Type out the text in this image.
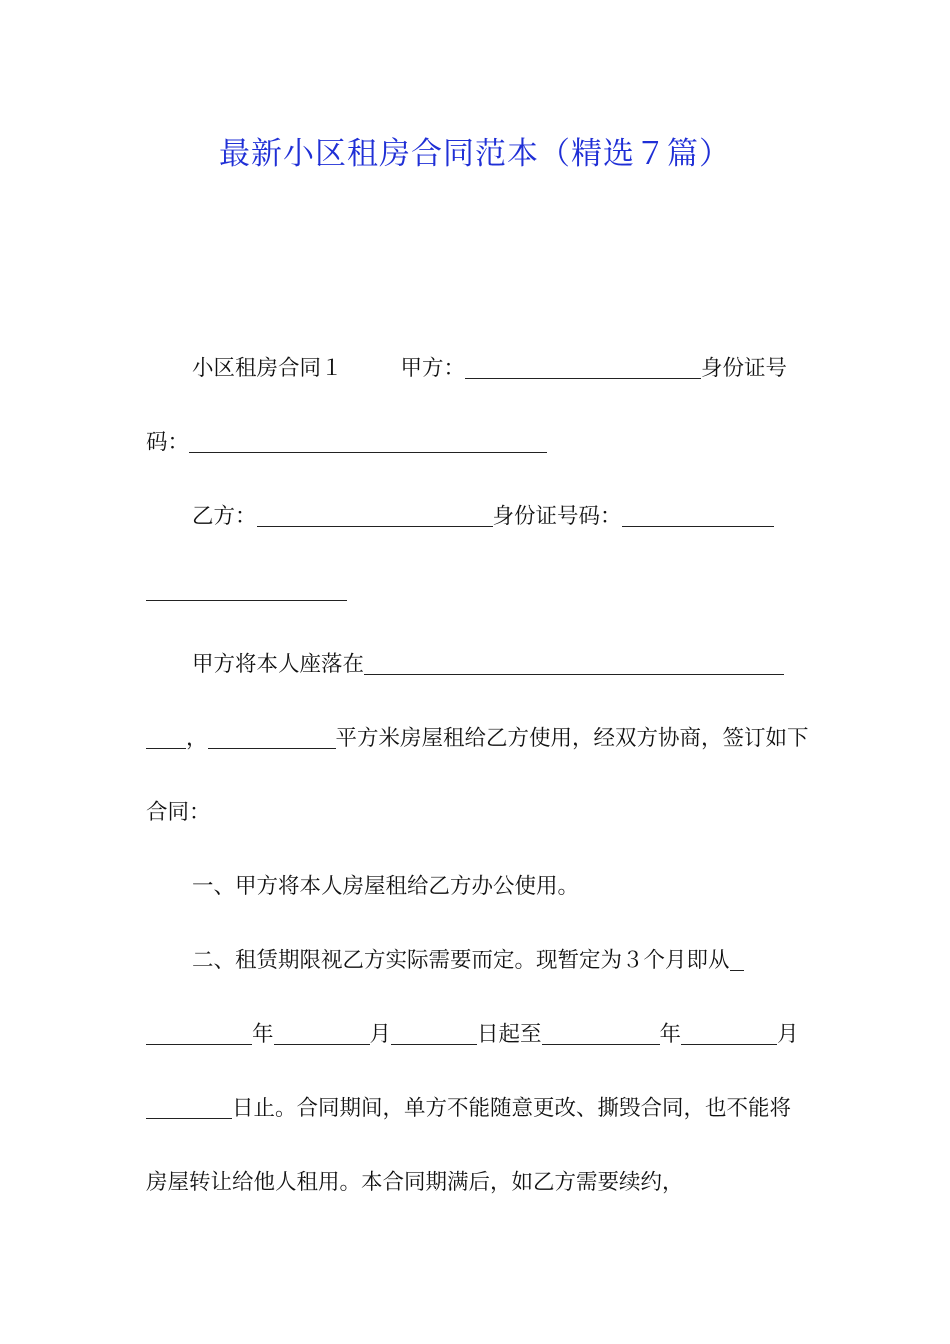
最新小区租房合同范本（精选７篇）

小区租房合同１	甲方：	身份证号码：

乙方：	身份证号码：

甲方将本人座落在，	平方米房屋租给乙方使用，经双方协商，签订如下合同：

一、甲方将本人房屋租给乙方办公使用。

二、租赁期限视乙方实际需要而定。现暂定为３个月即从年	月	日起至	年	月日止。合同期间，单方不能随意更改、撕毁合同，也不能将房屋转让给他人租用。本合同期满后，如乙方需要续约，
